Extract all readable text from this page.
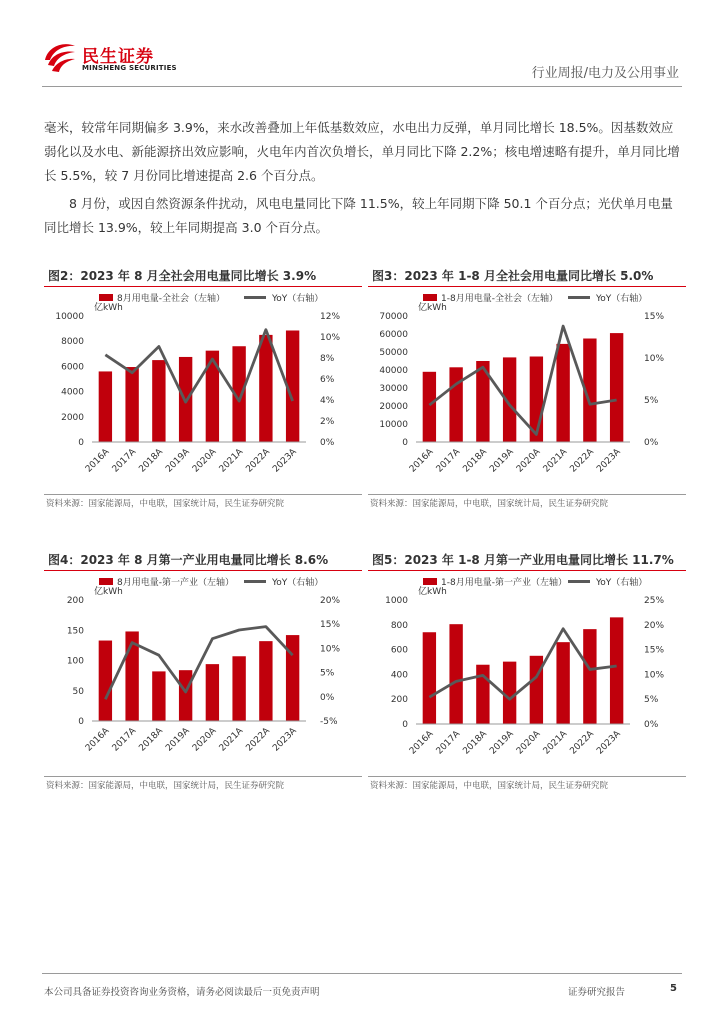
民生证券
MINSHENG SECURITIES	行业周报/电力及公用事业

毫米，较常年同期偏多 3.9%，来水改善叠加上年低基数效应，水电出力反弹，单月同比增长 18.5%。因基数效应弱化以及水电、新能源挤出效应影响，火电年内首次负增长，单月同比下降 2.2%；核电增速略有提升，单月同比增长 5.5%，较 7 月份同比增速提高 2.6 个百分点。

8 月份，或因自然资源条件扰动，风电电量同比下降 11.5%，较上年同期下降 50.1 个百分点；光伏单月电量同比增长 13.9%，较上年同期提高 3.0 个百分点。

图2：2023 年 8 月全社会用电量同比增长 3.9%
8月用电量-全社会（左轴）	YoY（右轴）
亿kWh
0
2000
4000
6000
8000
10000
0%
2%
4%
6%
8%
10%
12%
2016A 2017A 2018A 2019A 2020A 2021A 2022A 2023A
资料来源：国家能源局，中电联，国家统计局，民生证券研究院
图3：2023 年 1-8 月全社会用电量同比增长 5.0%
1-8月用电量-全社会（左轴）	YoY（右轴）
亿kWh
0
10000
20000
30000
40000
50000
60000
70000
0%
5%
10%
15%
2016A 2017A 2018A 2019A 2020A 2021A 2022A 2023A
资料来源：国家能源局，中电联，国家统计局，民生证券研究院
图4：2023 年 8 月第一产业用电量同比增长 8.6%
8月用电量-第一产业（左轴）	YoY（右轴）
亿kWh
0
50
100
150
200
-5%
0%
5%
10%
15%
20%
2016A 2017A 2018A 2019A 2020A 2021A 2022A 2023A
资料来源：国家能源局，中电联，国家统计局，民生证券研究院
图5：2023 年 1-8 月第一产业用电量同比增长 11.7%
1-8月用电量-第一产业（左轴）	YoY（右轴）
亿kWh
0
200
400
600
800
1000
0%
5%
10%
15%
20%
25%
2016A 2017A 2018A 2019A 2020A 2021A 2022A 2023A
资料来源：国家能源局，中电联，国家统计局，民生证券研究院
本公司具备证券投资咨询业务资格，请务必阅读最后一页免责声明	证券研究报告	5
